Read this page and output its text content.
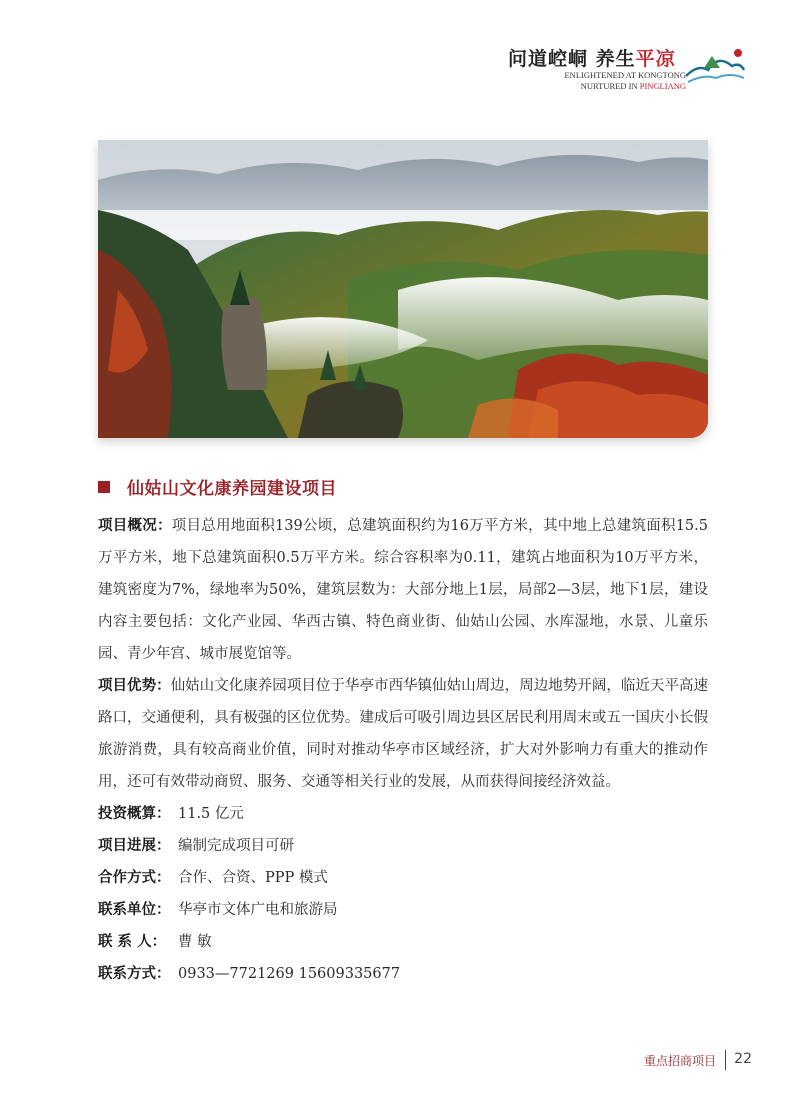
问道崆峒 养生平凉
ENLIGHTENED AT KONGTONG
NURTURED IN PINGLIANG
仙姑山文化康养园建设项目

项目概况：项目总用地面积139公顷，总建筑面积约为16万平方米，其中地上总建筑面积15.5万平方米，地下总建筑面积0.5万平方米。综合容积率为0.11，建筑占地面积为10万平方米，建筑密度为7%，绿地率为50%，建筑层数为：大部分地上1层，局部2—3层，地下1层，建设内容主要包括：文化产业园、华西古镇、特色商业街、仙姑山公园、水库湿地，水景、儿童乐园、青少年宫、城市展览馆等。

项目优势：仙姑山文化康养园项目位于华亭市西华镇仙姑山周边，周边地势开阔，临近天平高速路口，交通便利，具有极强的区位优势。建成后可吸引周边县区居民利用周末或五一国庆小长假旅游消费，具有较高商业价值，同时对推动华亭市区域经济，扩大对外影响力有重大的推动作用，还可有效带动商贸、服务、交通等相关行业的发展，从而获得间接经济效益。

投资概算： 11.5 亿元

项目进展： 编制完成项目可研

合作方式： 合作、合资、PPP 模式

联系单位： 华亭市文体广电和旅游局

联 系 人： 曹 敏

联系方式： 0933—7721269 15609335677

重点招商项目 22
